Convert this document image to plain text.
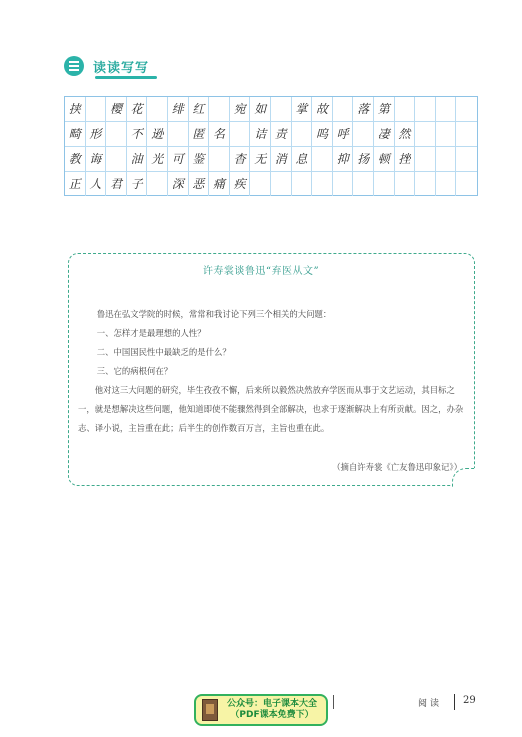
读读写写
挟	樱 花	绯 红	宛 如	掌 故	落 第
畸 形	不 逊	匿 名	诘 责	呜 呼	凄 然
教 诲	油 光 可 鉴	杳 无 消 息	抑 扬 顿 挫
正 人 君 子	深 恶 痛 疾
许寿裳谈鲁迅“弃医从文”
鲁迅在弘文学院的时候，常常和我讨论下列三个相关的大问题：
一、怎样才是最理想的人性？
二、中国国民性中最缺乏的是什么？
三、它的病根何在？
他对这三大问题的研究，毕生孜孜不懈，后来所以毅然决然放弃学医而从事于文艺运动，其目标之一，就是想解决这些问题，他知道即使不能骤然得到全部解决，也求于逐渐解决上有所贡献。因之，办杂志、译小说，主旨重在此；后半生的创作数百万言，主旨也重在此。
（摘自许寿裳《亡友鲁迅印象记》）
公众号：电子课本大全
（PDF课本免费下）
阅读 29
